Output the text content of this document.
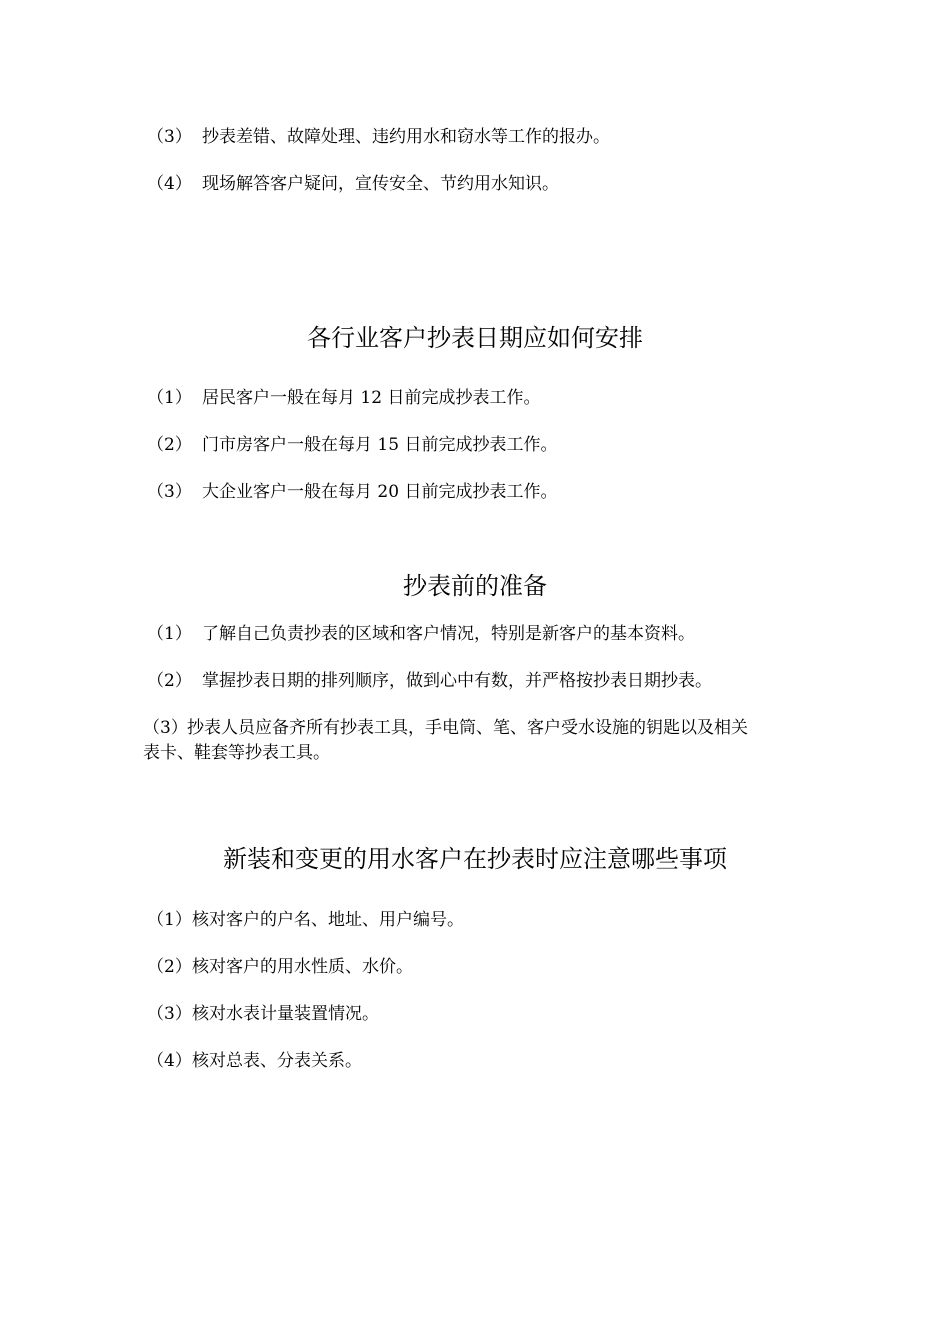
（3） 抄表差错、故障处理、违约用水和窃水等工作的报办。
（4） 现场解答客户疑问，宣传安全、节约用水知识。
各行业客户抄表日期应如何安排
（1） 居民客户一般在每月 12 日前完成抄表工作。
（2） 门市房客户一般在每月 15 日前完成抄表工作。
（3） 大企业客户一般在每月 20 日前完成抄表工作。
抄表前的准备
（1） 了解自己负责抄表的区域和客户情况，特别是新客户的基本资料。
（2） 掌握抄表日期的排列顺序，做到心中有数，并严格按抄表日期抄表。
（3）抄表人员应备齐所有抄表工具，手电筒、笔、客户受水设施的钥匙以及相关
表卡、鞋套等抄表工具。
新装和变更的用水客户在抄表时应注意哪些事项
（1）核对客户的户名、地址、用户编号。
（2）核对客户的用水性质、水价。
（3）核对水表计量装置情况。
（4）核对总表、分表关系。
